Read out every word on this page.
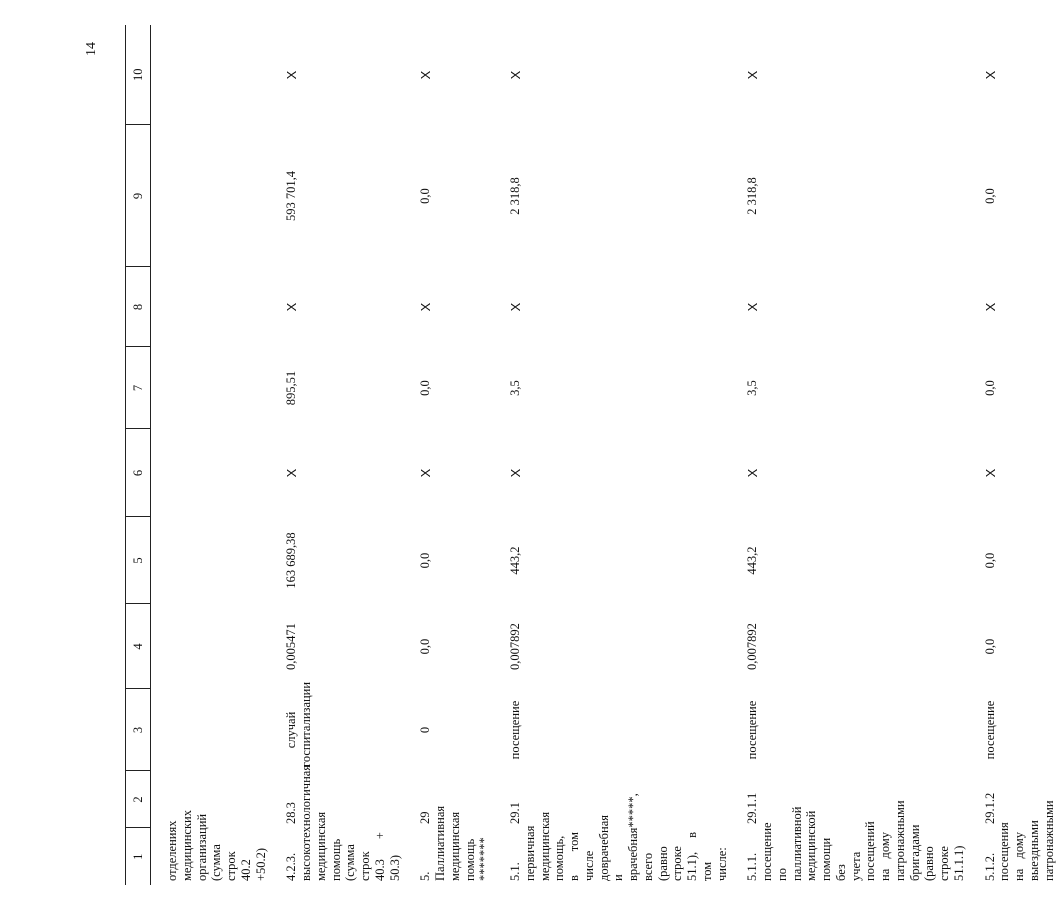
14
1	2	3	4	5	6	7	8	9	10
отделениях медицинских организаций (сумма строк 40.2 +50.2)									
4.2.3. высокотехнологичная медицинская помощь (сумма строк 40.3 + 50.3)	28.3	случай госпитализации	0,005471	163 689,38	Х	895,51	Х	593 701,4	Х
5. Паллиативная медицинская помощь *******	29	0	0,0	0,0	Х	0,0	Х	0,0	Х
5.1. первичная медицинская помощь, в том числе доврачебная и врачебная*****, всего (равно строке 51.1), в том числе:	29.1	посещение	0,007892	443,2	Х	3,5	Х	2 318,8	Х
5.1.1. посещение по паллиативной медицинской помощи без учета посещений на дому патронажными бригадами (равно строке 51.1.1)	29.1.1	посещение	0,007892	443,2	Х	3,5	Х	2 318,8	Х
5.1.2. посещения на дому выездными патронажными	29.1.2	посещение	0,0	0,0	Х	0,0	Х	0,0	Х
